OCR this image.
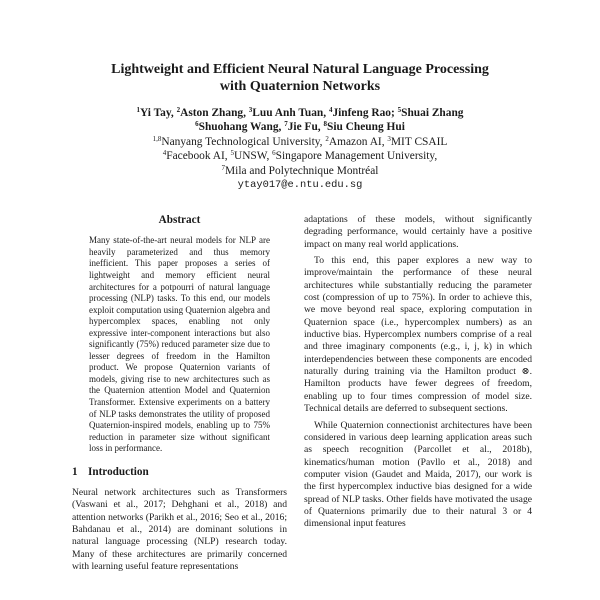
Lightweight and Efficient Neural Natural Language Processing
with Quaternion Networks
$^1$Yi Tay, $^2$Aston Zhang, $^3$Luu Anh Tuan, $^4$Jinfeng Rao; $^5$Shuai Zhang
$^6$Shuohang Wang, $^7$Jie Fu, $^8$Siu Cheung Hui
$^{1,8}$Nanyang Technological University, $^2$Amazon AI, $^3$MIT CSAIL
$^4$Facebook AI, $^5$UNSW, $^6$Singapore Management University,
$^7$Mila and Polytechnique Montréal
ytay017@e.ntu.edu.sg
Abstract

Many state-of-the-art neural models for NLP are heavily parameterized and thus memory inefficient. This paper proposes a series of lightweight and memory efficient neural architectures for a potpourri of natural language processing (NLP) tasks. To this end, our models exploit computation using Quaternion algebra and hypercomplex spaces, enabling not only expressive inter-component interactions but also significantly (75%) reduced parameter size due to lesser degrees of freedom in the Hamilton product. We propose Quaternion variants of models, giving rise to new architectures such as the Quaternion attention Model and Quaternion Transformer. Extensive experiments on a battery of NLP tasks demonstrates the utility of proposed Quaternion-inspired models, enabling up to 75% reduction in parameter size without significant loss in performance.

1 Introduction

Neural network architectures such as Transformers (Vaswani et al., 2017; Dehghani et al., 2018) and attention networks (Parikh et al., 2016; Seo et al., 2016; Bahdanau et al., 2014) are dominant solutions in natural language processing (NLP) research today. Many of these architectures are primarily concerned with learning useful feature representations

adaptations of these models, without significantly degrading performance, would certainly have a positive impact on many real world applications.

To this end, this paper explores a new way to improve/maintain the performance of these neural architectures while substantially reducing the parameter cost (compression of up to 75%). In order to achieve this, we move beyond real space, exploring computation in Quaternion space (i.e., hypercomplex numbers) as an inductive bias. Hypercomplex numbers comprise of a real and three imaginary components (e.g., i, j, k) in which interdependencies between these components are encoded naturally during training via the Hamilton product ⊗. Hamilton products have fewer degrees of freedom, enabling up to four times compression of model size. Technical details are deferred to subsequent sections.

While Quaternion connectionist architectures have been considered in various deep learning application areas such as speech recognition (Parcollet et al., 2018b), kinematics/human motion (Pavllo et al., 2018) and computer vision (Gaudet and Maida, 2017), our work is the first hypercomplex inductive bias designed for a wide spread of NLP tasks. Other fields have motivated the usage of Quaternions primarily due to their natural 3 or 4 dimensional input features
